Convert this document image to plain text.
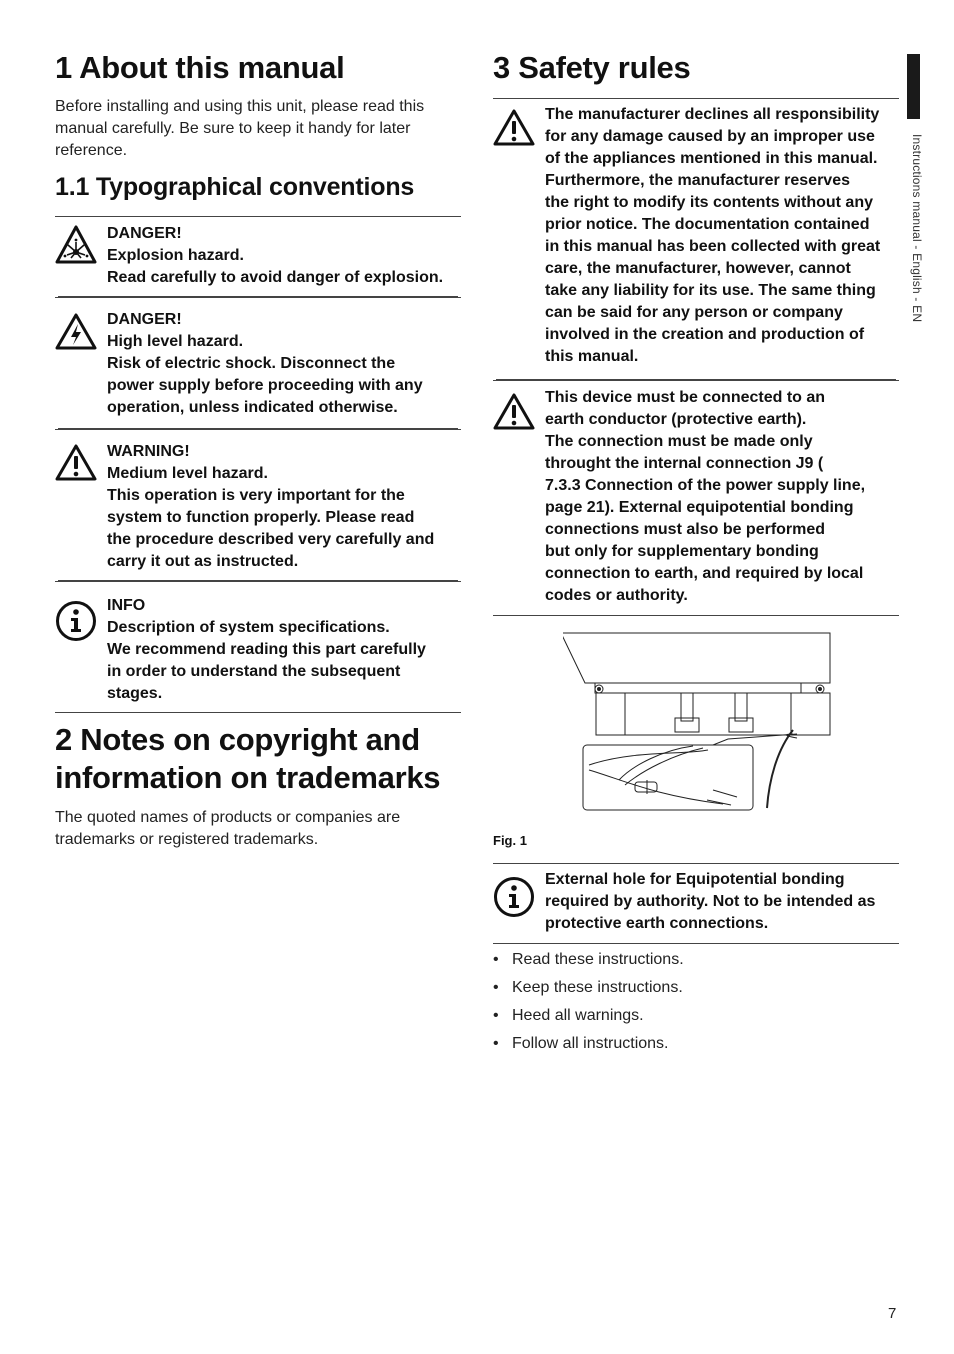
1 About this manual

Before installing and using this unit, please read this

manual carefully. Be sure to keep it handy for later

reference.

1.1 Typographical conventions
DANGER!
Explosion hazard.
Read carefully to avoid danger of explosion.
DANGER!
High level hazard.
Risk of electric shock. Disconnect the
power supply before proceeding with any
operation, unless indicated otherwise.
WARNING!
Medium level hazard.
This operation is very important for the
system to function properly. Please read
the procedure described very carefully and
carry it out as instructed.
INFO
Description of system specifications.
We recommend reading this part carefully
in order to understand the subsequent
stages.
2 Notes on copyright and
information on trademarks

The quoted names of products or companies are

trademarks or registered trademarks.

3 Safety rules
The manufacturer declines all responsibility
for any damage caused by an improper use
of the appliances mentioned in this manual.
Furthermore, the manufacturer reserves
the right to modify its contents without any
prior notice. The documentation contained
in this manual has been collected with great
care, the manufacturer, however, cannot
take any liability for its use. The same thing
can be said for any person or company
involved in the creation and production of
this manual.
This device must be connected to an
earth conductor (protective earth).
The connection must be made only
throught the internal connection J9 (
7.3.3 Connection of the power supply line,
page 21). External equipotential bonding
connections must also be performed
but only for supplementary bonding
connection to earth, and required by local
codes or authority.
Fig. 1
External hole for Equipotential bonding
required by authority. Not to be intended as
protective earth connections.
• Read these instructions.
• Keep these instructions.
• Heed all warnings.
• Follow all instructions.
Instructions manual - English - EN
7
